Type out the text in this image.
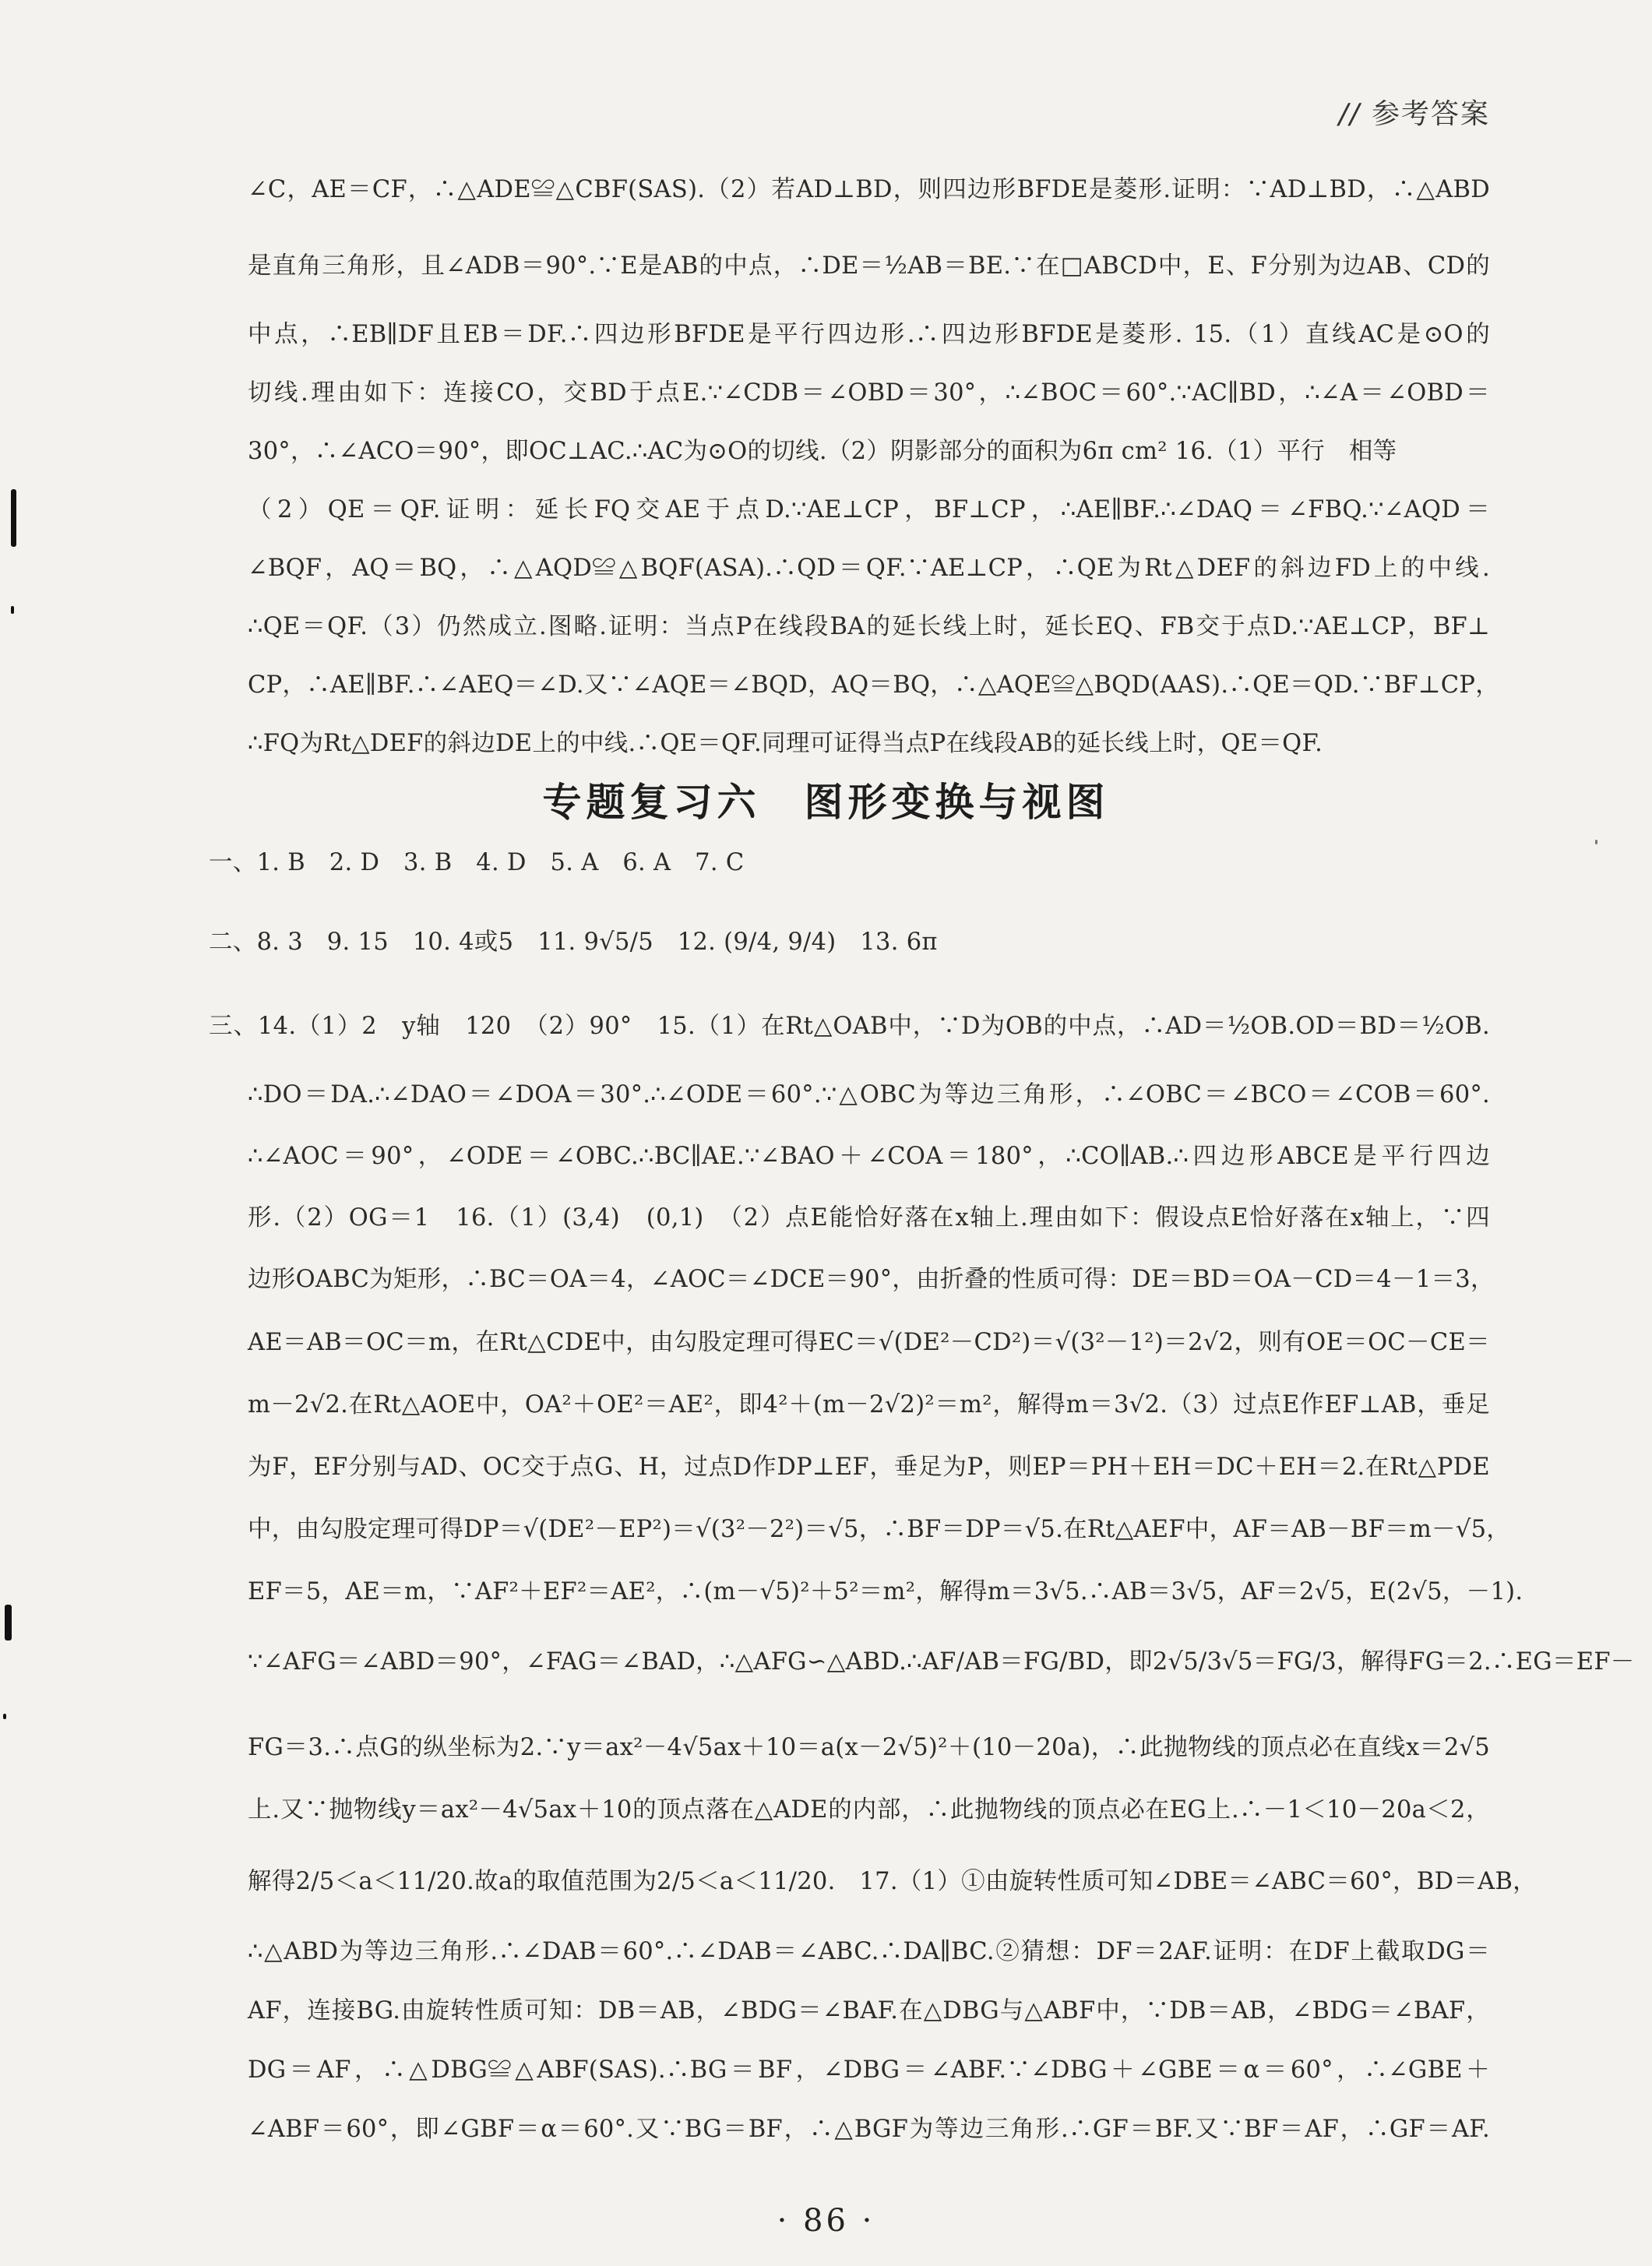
// 参考答案
∠C，AE＝CF，∴△ADE≌△CBF(SAS).（2）若AD⊥BD，则四边形BFDE是菱形.证明：∵AD⊥BD，∴△ABD
是直角三角形，且∠ADB＝90°.∵E是AB的中点，∴DE＝½AB＝BE.∵在□ABCD中，E、F分别为边AB、CD的
中点，∴EB∥DF且EB＝DF.∴四边形BFDE是平行四边形.∴四边形BFDE是菱形. 15.（1）直线AC是⊙O的
切线.理由如下：连接CO，交BD于点E.∵∠CDB＝∠OBD＝30°，∴∠BOC＝60°.∵AC∥BD，∴∠A＝∠OBD＝
30°，∴∠ACO＝90°，即OC⊥AC.∴AC为⊙O的切线.（2）阴影部分的面积为6π cm² 16.（1）平行　相等
（2）QE＝QF.证明：延长FQ交AE于点D.∵AE⊥CP，BF⊥CP，∴AE∥BF.∴∠DAQ＝∠FBQ.∵∠AQD＝
∠BQF，AQ＝BQ，∴△AQD≌△BQF(ASA).∴QD＝QF.∵AE⊥CP，∴QE为Rt△DEF的斜边FD上的中线.
∴QE＝QF.（3）仍然成立.图略.证明：当点P在线段BA的延长线上时，延长EQ、FB交于点D.∵AE⊥CP，BF⊥
CP，∴AE∥BF.∴∠AEQ＝∠D.又∵∠AQE＝∠BQD，AQ＝BQ，∴△AQE≌△BQD(AAS).∴QE＝QD.∵BF⊥CP，
∴FQ为Rt△DEF的斜边DE上的中线.∴QE＝QF.同理可证得当点P在线段AB的延长线上时，QE＝QF.
专题复习六　图形变换与视图
一、1. B　2. D　3. B　4. D　5. A　6. A　7. C
二、8. 3　9. 15　10. 4或5　11. 9√5/5　12. (9/4, 9/4)　13. 6π
三、14.（1）2　y轴　120　（2）90°　15.（1）在Rt△OAB中，∵D为OB的中点，∴AD＝½OB.OD＝BD＝½OB.
∴DO＝DA.∴∠DAO＝∠DOA＝30°.∴∠ODE＝60°.∵△OBC为等边三角形，∴∠OBC＝∠BCO＝∠COB＝60°.
∴∠AOC＝90°，∠ODE＝∠OBC.∴BC∥AE.∵∠BAO＋∠COA＝180°，∴CO∥AB.∴四边形ABCE是平行四边
形.（2）OG＝1　16.（1）(3,4)　(0,1)　（2）点E能恰好落在x轴上.理由如下：假设点E恰好落在x轴上，∵四
边形OABC为矩形，∴BC＝OA＝4，∠AOC＝∠DCE＝90°，由折叠的性质可得：DE＝BD＝OA－CD＝4－1＝3，
AE＝AB＝OC＝m，在Rt△CDE中，由勾股定理可得EC＝√(DE²－CD²)＝√(3²－1²)＝2√2，则有OE＝OC－CE＝
m－2√2.在Rt△AOE中，OA²＋OE²＝AE²，即4²＋(m－2√2)²＝m²，解得m＝3√2.（3）过点E作EF⊥AB，垂足
为F，EF分别与AD、OC交于点G、H，过点D作DP⊥EF，垂足为P，则EP＝PH＋EH＝DC＋EH＝2.在Rt△PDE
中，由勾股定理可得DP＝√(DE²－EP²)＝√(3²－2²)＝√5，∴BF＝DP＝√5.在Rt△AEF中，AF＝AB－BF＝m－√5，
EF＝5，AE＝m，∵AF²＋EF²＝AE²，∴(m－√5)²＋5²＝m²，解得m＝3√5.∴AB＝3√5，AF＝2√5，E(2√5，－1).
∵∠AFG＝∠ABD＝90°，∠FAG＝∠BAD，∴△AFG∽△ABD.∴AF/AB＝FG/BD，即2√5/3√5＝FG/3，解得FG＝2.∴EG＝EF－
FG＝3.∴点G的纵坐标为2.∵y＝ax²－4√5ax＋10＝a(x－2√5)²＋(10－20a)，∴此抛物线的顶点必在直线x＝2√5
上.又∵抛物线y＝ax²－4√5ax＋10的顶点落在△ADE的内部，∴此抛物线的顶点必在EG上.∴－1＜10－20a＜2，
解得2/5＜a＜11/20.故a的取值范围为2/5＜a＜11/20.　17.（1）①由旋转性质可知∠DBE＝∠ABC＝60°，BD＝AB，
∴△ABD为等边三角形.∴∠DAB＝60°.∴∠DAB＝∠ABC.∴DA∥BC.②猜想：DF＝2AF.证明：在DF上截取DG＝
AF，连接BG.由旋转性质可知：DB＝AB，∠BDG＝∠BAF.在△DBG与△ABF中，∵DB＝AB，∠BDG＝∠BAF，
DG＝AF，∴△DBG≌△ABF(SAS).∴BG＝BF，∠DBG＝∠ABF.∵∠DBG＋∠GBE＝α＝60°，∴∠GBE＋
∠ABF＝60°，即∠GBF＝α＝60°.又∵BG＝BF，∴△BGF为等边三角形.∴GF＝BF.又∵BF＝AF，∴GF＝AF.
· 86 ·
